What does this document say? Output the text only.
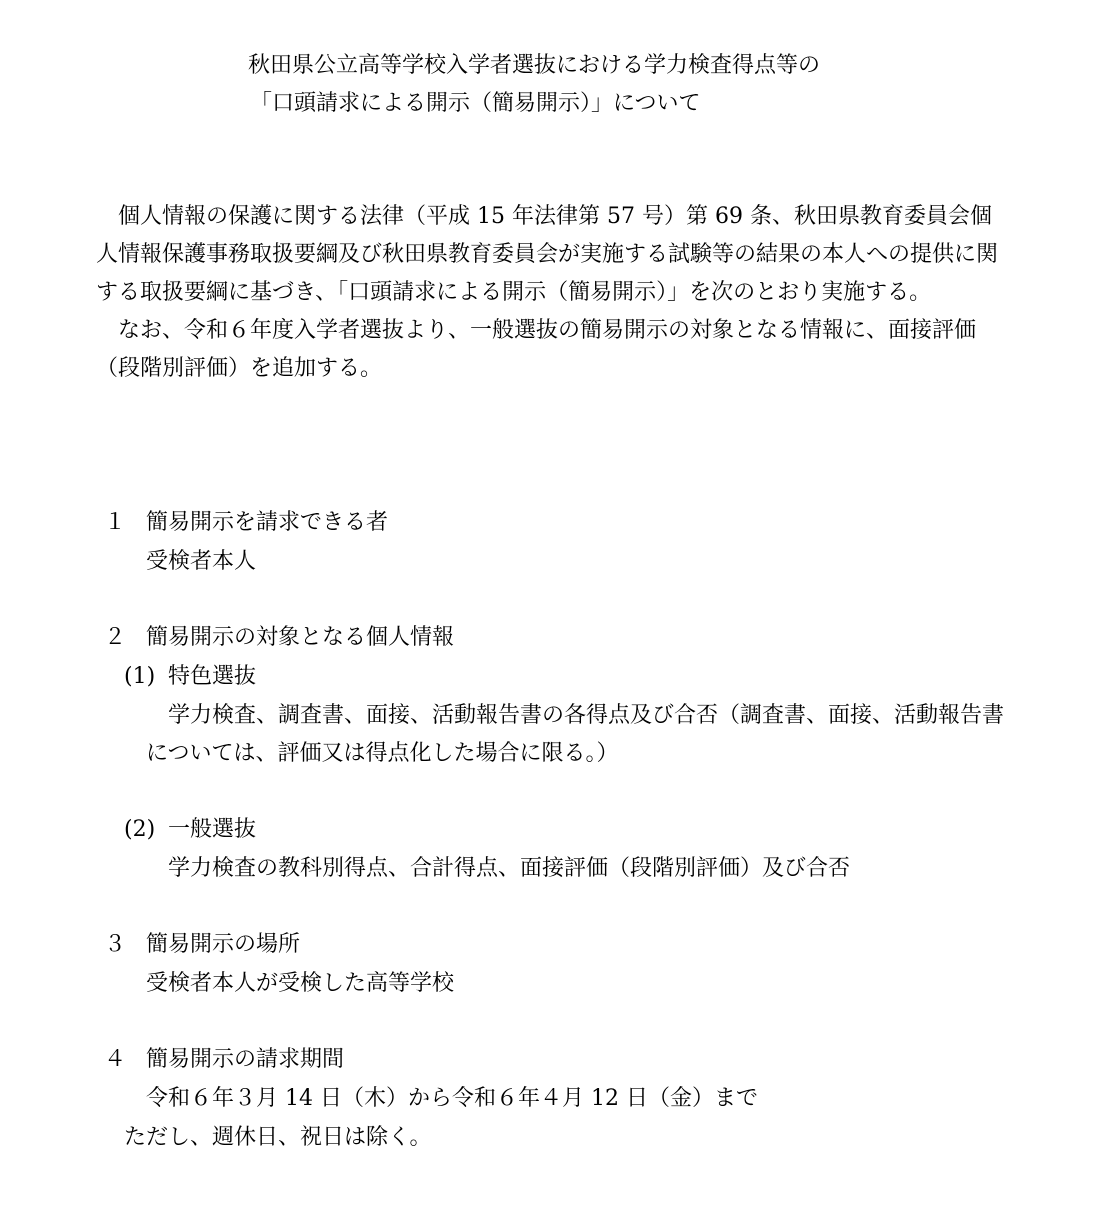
秋田県公立高等学校入学者選抜における学力検査得点等の
「口頭請求による開示（簡易開示）」について

個人情報の保護に関する法律（平成 15 年法律第 57 号）第 69 条、秋田県教育委員会個人情報保護事務取扱要綱及び秋田県教育委員会が実施する試験等の結果の本人への提供に関する取扱要綱に基づき、「口頭請求による開示（簡易開示）」を次のとおり実施する。

なお、令和６年度入学者選抜より、一般選抜の簡易開示の対象となる情報に、面接評価（段階別評価）を追加する。

１ 簡易開示を請求できる者
受検者本人
２ 簡易開示の対象となる個人情報
(1) 特色選抜
学力検査、調査書、面接、活動報告書の各得点及び合否（調査書、面接、活動報告書については、評価又は得点化した場合に限る。）
(2) 一般選抜
学力検査の教科別得点、合計得点、面接評価（段階別評価）及び合否
３ 簡易開示の場所
受検者本人が受検した高等学校
４ 簡易開示の請求期間
令和６年３月 14 日（木）から令和６年４月 12 日（金）まで
ただし、週休日、祝日は除く。
